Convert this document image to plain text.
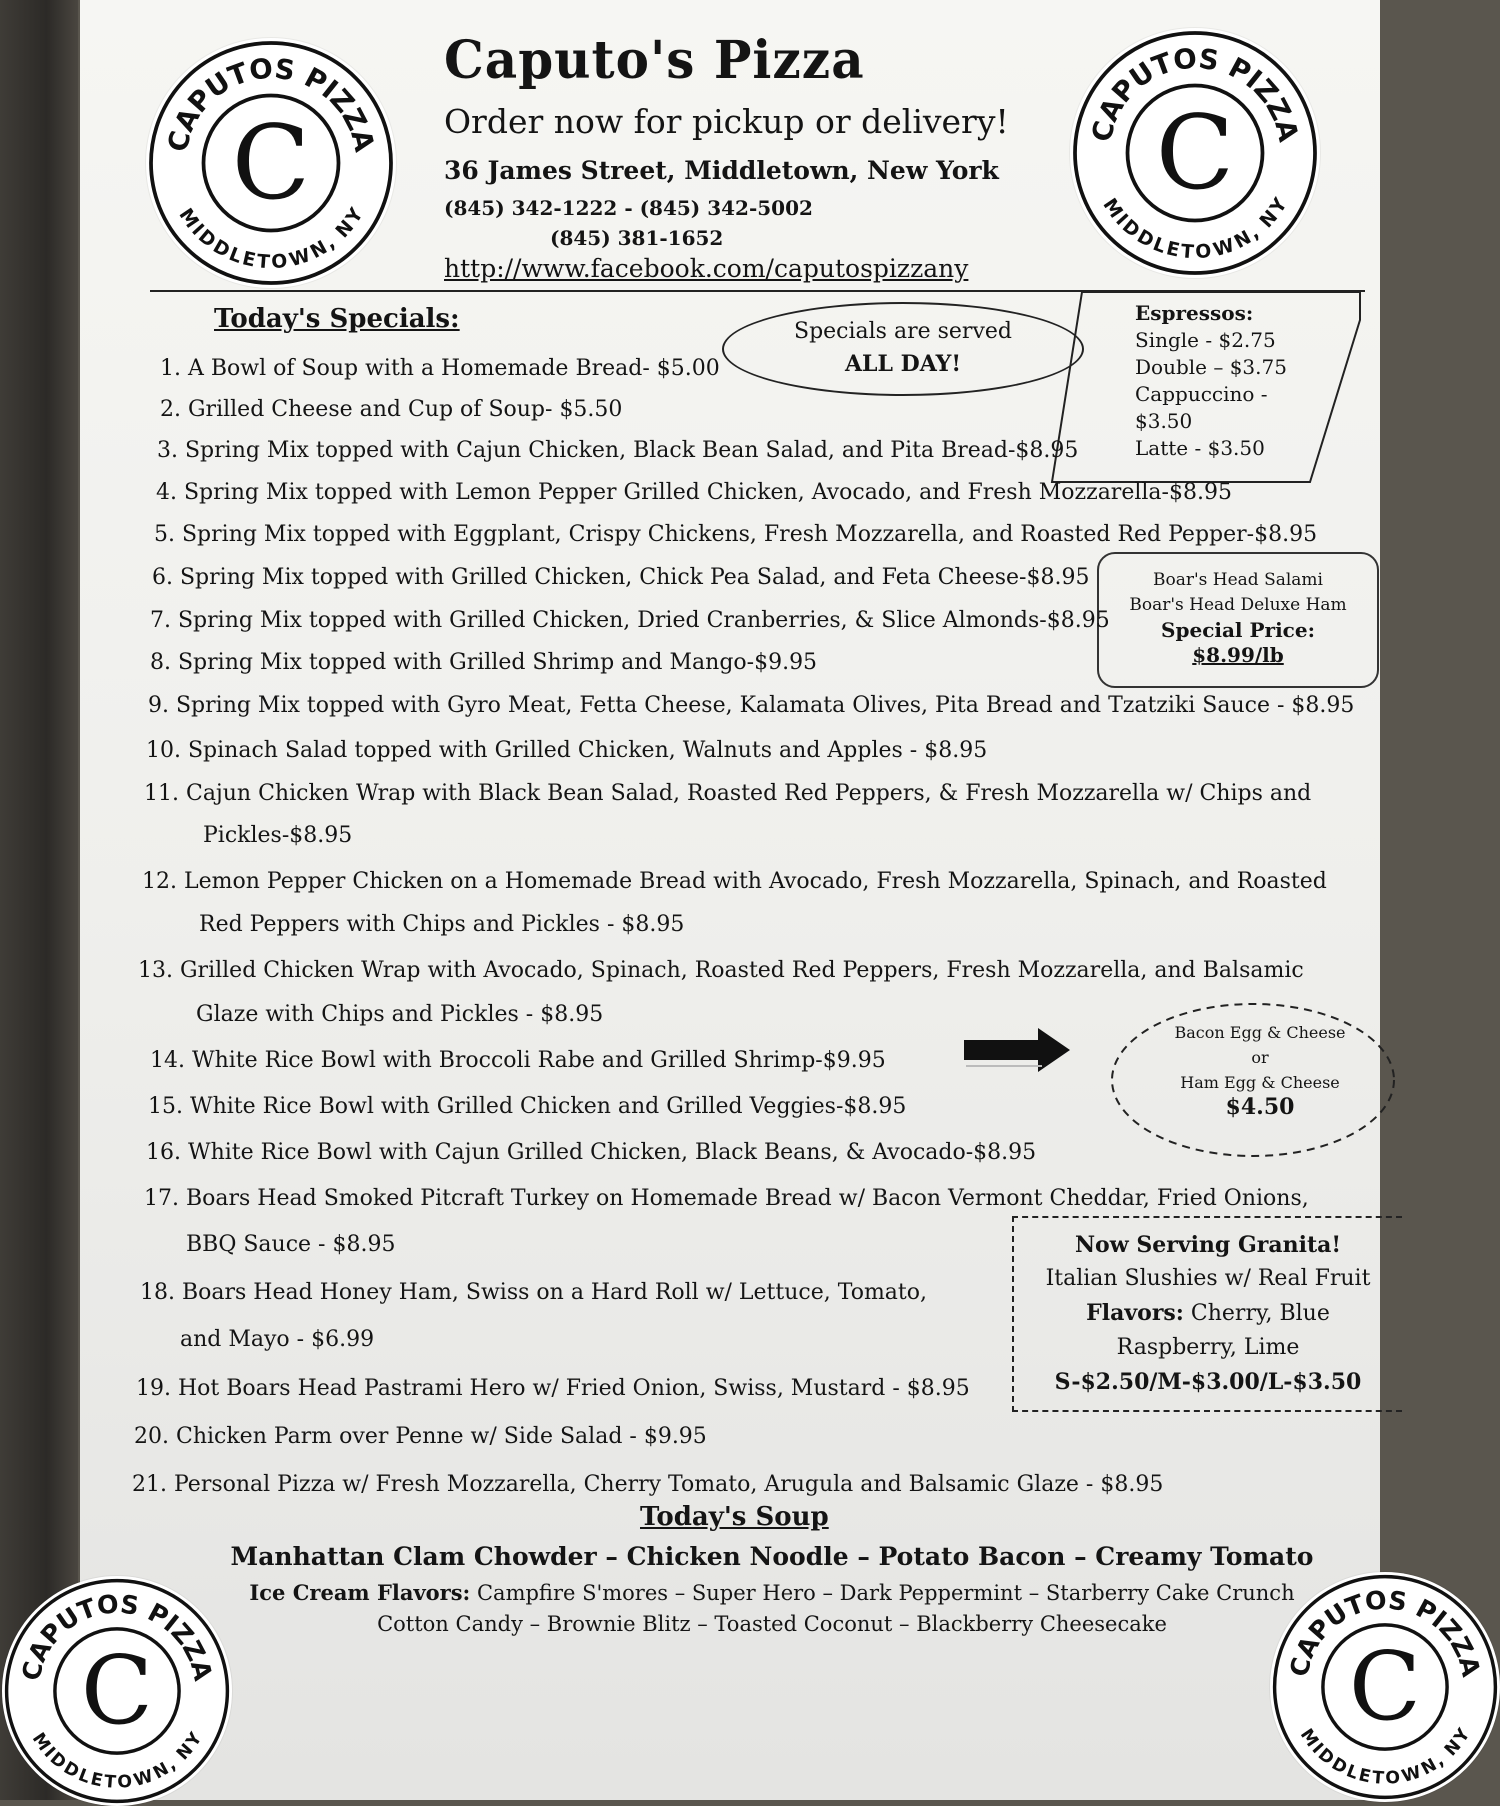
CAPUTOS PIZZA
MIDDLETOWN, NY
C	CAPUTOS PIZZA
MIDDLETOWN, NY
C
CAPUTOS PIZZA
MIDDLETOWN, NY
C	CAPUTOS PIZZA
MIDDLETOWN, NY
C
Caputo's Pizza
Order now for pickup or delivery!
36 James Street, Middletown, New York
(845) 342-1222 - (845) 342-5002
(845) 381-1652
http://www.facebook.com/caputospizzany
Today's Specials:	Specials are served
ALL DAY!
Espressos:
Single - $2.75
Double – $3.75
Cappuccino -
$3.50
Latte - $3.50
Boar's Head Salami
Boar's Head Deluxe Ham
Special Price:
$8.99/lb
1. A Bowl of Soup with a Homemade Bread- $5.00
2. Grilled Cheese and Cup of Soup- $5.50
3. Spring Mix topped with Cajun Chicken, Black Bean Salad, and Pita Bread-$8.95
4. Spring Mix topped with Lemon Pepper Grilled Chicken, Avocado, and Fresh Mozzarella-$8.95
5. Spring Mix topped with Eggplant, Crispy Chickens, Fresh Mozzarella, and Roasted Red Pepper-$8.95
6. Spring Mix topped with Grilled Chicken, Chick Pea Salad, and Feta Cheese-$8.95
7. Spring Mix topped with Grilled Chicken, Dried Cranberries, & Slice Almonds-$8.95
8. Spring Mix topped with Grilled Shrimp and Mango-$9.95
9. Spring Mix topped with Gyro Meat, Fetta Cheese, Kalamata Olives, Pita Bread and Tzatziki Sauce - $8.95
10. Spinach Salad topped with Grilled Chicken, Walnuts and Apples - $8.95
11. Cajun Chicken Wrap with Black Bean Salad, Roasted Red Peppers, & Fresh Mozzarella w/ Chips and
Pickles-$8.95
12. Lemon Pepper Chicken on a Homemade Bread with Avocado, Fresh Mozzarella, Spinach, and Roasted
Red Peppers with Chips and Pickles - $8.95
13. Grilled Chicken Wrap with Avocado, Spinach, Roasted Red Peppers, Fresh Mozzarella, and Balsamic
Glaze with Chips and Pickles - $8.95
14. White Rice Bowl with Broccoli Rabe and Grilled Shrimp-$9.95
15. White Rice Bowl with Grilled Chicken and Grilled Veggies-$8.95
16. White Rice Bowl with Cajun Grilled Chicken, Black Beans, & Avocado-$8.95
17. Boars Head Smoked Pitcraft Turkey on Homemade Bread w/ Bacon Vermont Cheddar, Fried Onions,
BBQ Sauce - $8.95
18. Boars Head Honey Ham, Swiss on a Hard Roll w/ Lettuce, Tomato,
and Mayo - $6.99
19. Hot Boars Head Pastrami Hero w/ Fried Onion, Swiss, Mustard - $8.95
20. Chicken Parm over Penne w/ Side Salad - $9.95
21. Personal Pizza w/ Fresh Mozzarella, Cherry Tomato, Arugula and Balsamic Glaze - $8.95
Bacon Egg & Cheese
or
Ham Egg & Cheese
$4.50
Now Serving Granita!
Italian Slushies w/ Real Fruit
Flavors: Cherry, Blue
Raspberry, Lime
S-$2.50/M-$3.00/L-$3.50
Today's Soup
Manhattan Clam Chowder – Chicken Noodle – Potato Bacon – Creamy Tomato
Ice Cream Flavors: Campfire S'mores – Super Hero – Dark Peppermint – Starberry Cake Crunch
Cotton Candy – Brownie Blitz – Toasted Coconut – Blackberry Cheesecake
